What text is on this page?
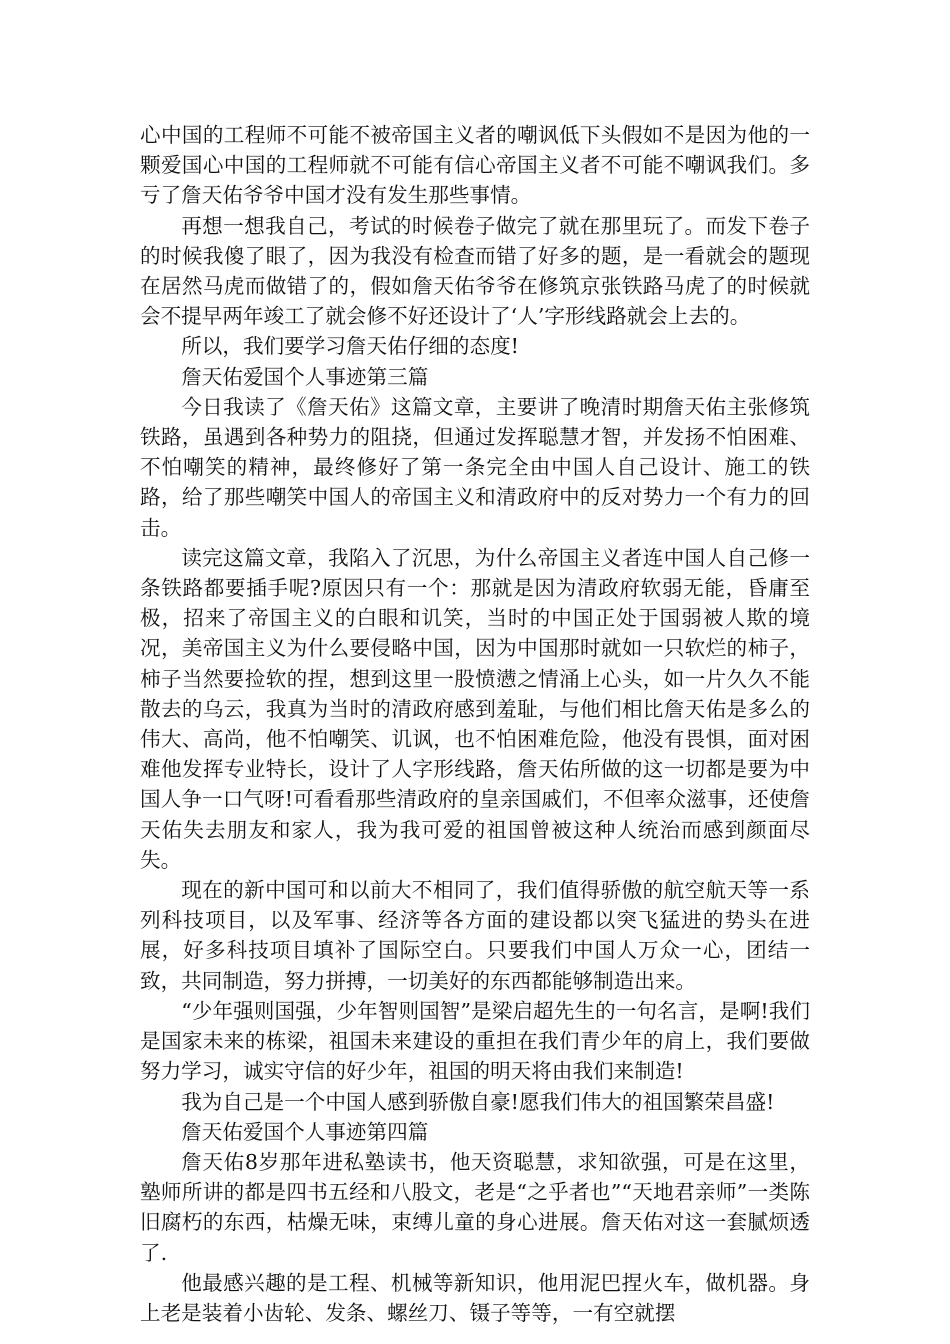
心中国的工程师不可能不被帝国主义者的嘲讽低下头假如不是因为他的一颗爱国心中国的工程师就不可能有信心帝国主义者不可能不嘲讽我们。多亏了詹天佑爷爷中国才没有发生那些事情。

再想一想我自己，考试的时候卷子做完了就在那里玩了。而发下卷子的时候我傻了眼了，因为我没有检查而错了好多的题，是一看就会的题现在居然马虎而做错了的，假如詹天佑爷爷在修筑京张铁路马虎了的时候就会不提早两年竣工了就会修不好还设计了‘人’字形线路就会上去的。

所以，我们要学习詹天佑仔细的态度!

詹天佑爱国个人事迹第三篇

今日我读了《詹天佑》这篇文章，主要讲了晚清时期詹天佑主张修筑铁路，虽遇到各种势力的阻挠，但通过发挥聪慧才智，并发扬不怕困难、不怕嘲笑的精神，最终修好了第一条完全由中国人自己设计、施工的铁路，给了那些嘲笑中国人的帝国主义和清政府中的反对势力一个有力的回击。

读完这篇文章，我陷入了沉思，为什么帝国主义者连中国人自己修一条铁路都要插手呢?原因只有一个：那就是因为清政府软弱无能，昏庸至极，招来了帝国主义的白眼和讥笑，当时的中国正处于国弱被人欺的境况，美帝国主义为什么要侵略中国，因为中国那时就如一只软烂的柿子，柿子当然要捡软的捏，想到这里一股愤懑之情涌上心头，如一片久久不能散去的乌云，我真为当时的清政府感到羞耻，与他们相比詹天佑是多么的伟大、高尚，他不怕嘲笑、讥讽，也不怕困难危险，他没有畏惧，面对困难他发挥专业特长，设计了人字形线路，詹天佑所做的这一切都是要为中国人争一口气呀!可看看那些清政府的皇亲国戚们，不但率众滋事，还使詹天佑失去朋友和家人，我为我可爱的祖国曾被这种人统治而感到颜面尽失。

现在的新中国可和以前大不相同了，我们值得骄傲的航空航天等一系列科技项目，以及军事、经济等各方面的建设都以突飞猛进的势头在进展，好多科技项目填补了国际空白。只要我们中国人万众一心，团结一致，共同制造，努力拼搏，一切美好的东西都能够制造出来。

“少年强则国强，少年智则国智”是梁启超先生的一句名言，是啊!我们是国家未来的栋梁，祖国未来建设的重担在我们青少年的肩上，我们要做努力学习，诚实守信的好少年，祖国的明天将由我们来制造!

我为自己是一个中国人感到骄傲自豪!愿我们伟大的祖国繁荣昌盛!

詹天佑爱国个人事迹第四篇

詹天佑8岁那年进私塾读书，他天资聪慧，求知欲强，可是在这里，塾师所讲的都是四书五经和八股文，老是“之乎者也”“天地君亲师”一类陈旧腐朽的东西，枯燥无味，束缚儿童的身心进展。詹天佑对这一套腻烦透了.

他最感兴趣的是工程、机械等新知识，他用泥巴捏火车，做机器。身上老是装着小齿轮、发条、螺丝刀、镊子等等，一有空就摆
